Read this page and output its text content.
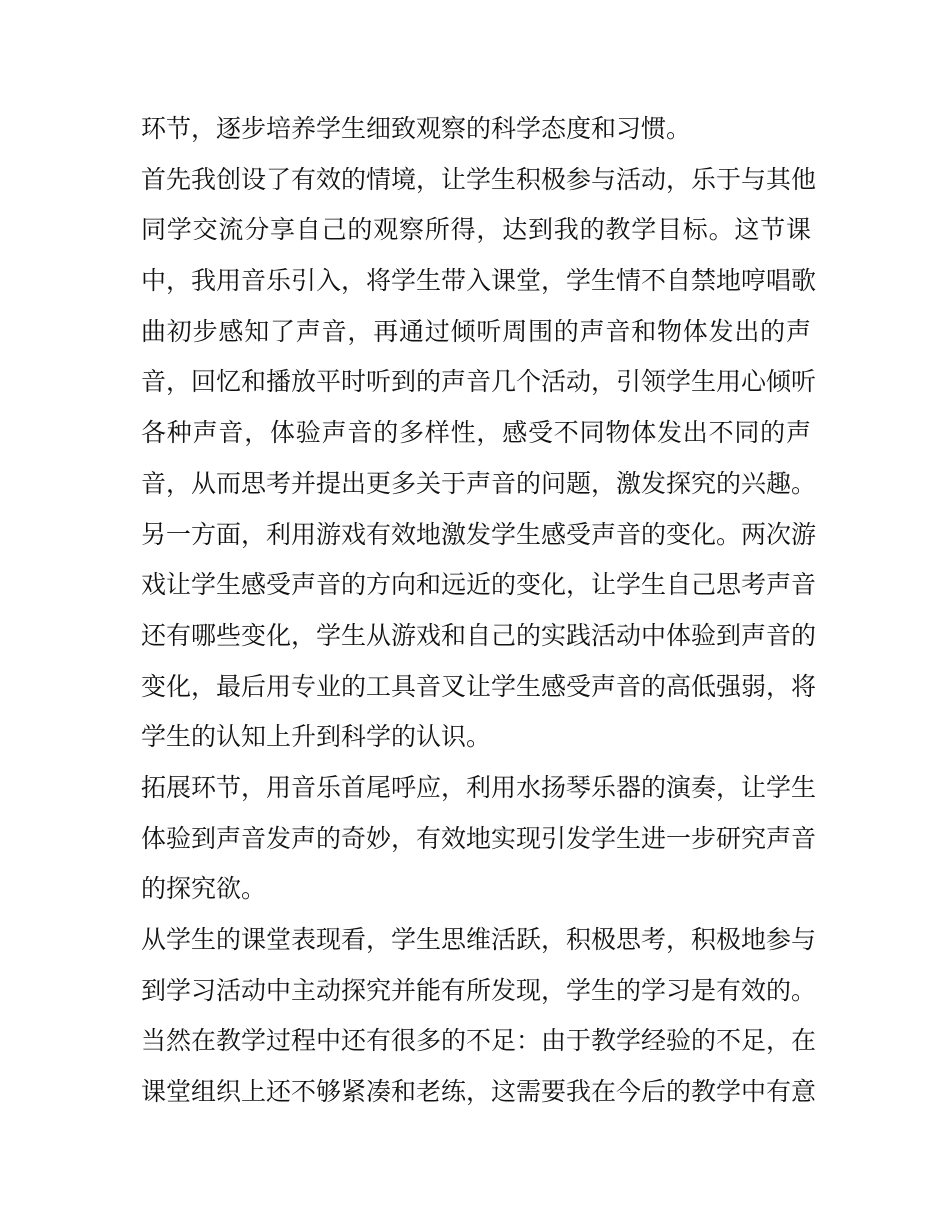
环节，逐步培养学生细致观察的科学态度和习惯。
首先我创设了有效的情境，让学生积极参与活动，乐于与其他
同学交流分享自己的观察所得，达到我的教学目标。这节课
中，我用音乐引入，将学生带入课堂，学生情不自禁地哼唱歌
曲初步感知了声音，再通过倾听周围的声音和物体发出的声
音，回忆和播放平时听到的声音几个活动，引领学生用心倾听
各种声音，体验声音的多样性，感受不同物体发出不同的声
音，从而思考并提出更多关于声音的问题，激发探究的兴趣。
另一方面，利用游戏有效地激发学生感受声音的变化。两次游
戏让学生感受声音的方向和远近的变化，让学生自己思考声音
还有哪些变化，学生从游戏和自己的实践活动中体验到声音的
变化，最后用专业的工具音叉让学生感受声音的高低强弱，将
学生的认知上升到科学的认识。
拓展环节，用音乐首尾呼应，利用水扬琴乐器的演奏，让学生
体验到声音发声的奇妙，有效地实现引发学生进一步研究声音
的探究欲。
从学生的课堂表现看，学生思维活跃，积极思考，积极地参与
到学习活动中主动探究并能有所发现，学生的学习是有效的。
当然在教学过程中还有很多的不足：由于教学经验的不足，在
课堂组织上还不够紧凑和老练，这需要我在今后的教学中有意
